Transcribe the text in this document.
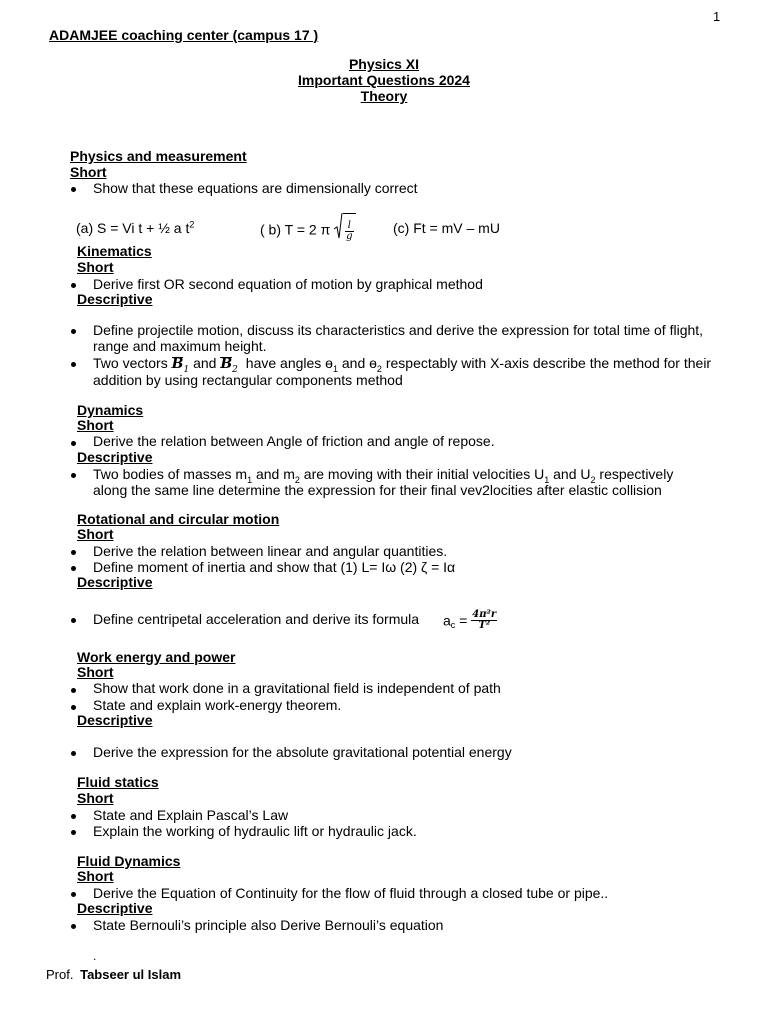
1
ADAMJEE coaching center (campus 17 )
Physics XI
Important Questions 2024
Theory
Physics and measurement
Short
Show that these equations are dimensionally correct
(a) S = Vi t + ½ a $t^2$	( b) T = 2 π $\frac{l}{g}$	(c) Ft = mV – mU
Kinematics
Short
Derive first OR second equation of motion by graphical method
Descriptive
Define projectile motion, discuss its characteristics and derive the expression for total time of flight,
range and maximum height.
Two vectors $B_1$ and $B_2$ have angles ɵ$_1$ and ɵ$_2$ respectably with X-axis describe the method for their
addition by using rectangular components method
Dynamics
Short
Derive the relation between Angle of friction and angle of repose.
Descriptive
Two bodies of masses $m_1$ and $m_2$ are moving with their initial velocities $U_1$ and $U_2$ respectively
along the same line determine the expression for their final vev2locities after elastic collision
Rotational and circular motion
Short
Derive the relation between linear and angular quantities.
Define moment of inertia and show that (1) L= Iω (2) ζ = Iα
Descriptive
Define centripetal acceleration and derive its formula $a_c = \frac{\text{4π²r}}{\text{T²}}$
Work energy and power
Short
Show that work done in a gravitational field is independent of path
State and explain work-energy theorem.
Descriptive
Derive the expression for the absolute gravitational potential energy
Fluid statics
Short
State and Explain Pascal’s Law
Explain the working of hydraulic lift or hydraulic jack.
Fluid Dynamics
Short
Derive the Equation of Continuity for the flow of fluid through a closed tube or pipe..
Descriptive
State Bernouli’s principle also Derive Bernouli’s equation
.
Prof. Tabseer ul Islam
